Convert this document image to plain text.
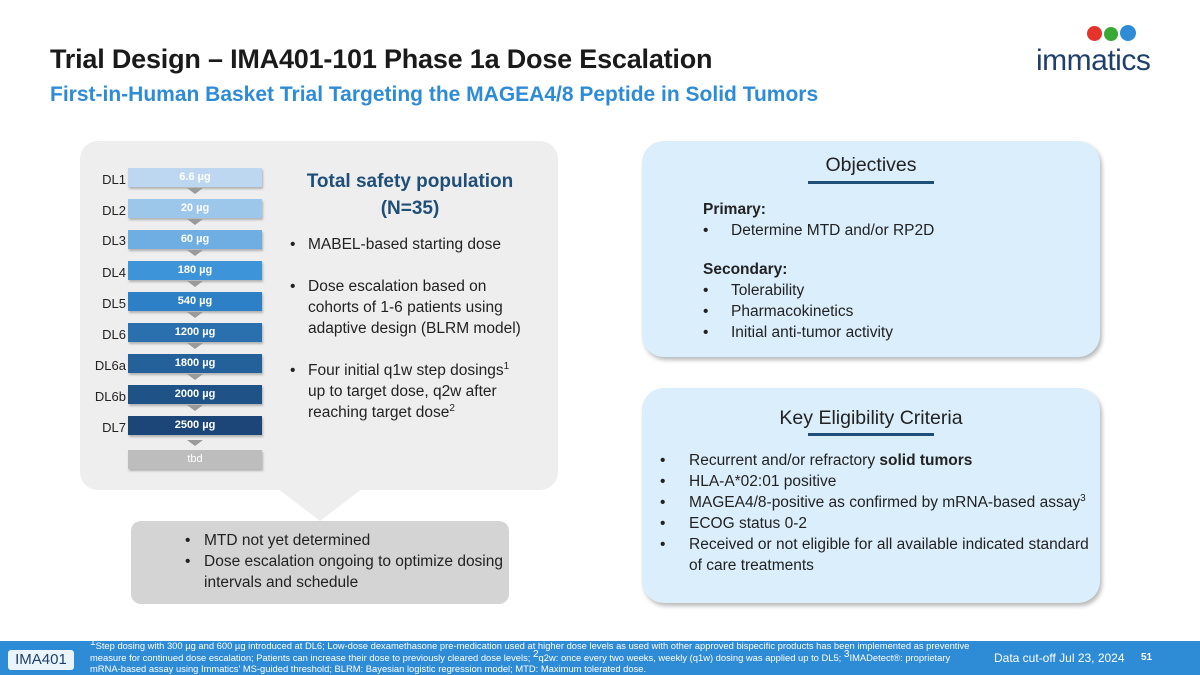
Trial Design – IMA401-101 Phase 1a Dose Escalation
First-in-Human Basket Trial Targeting the MAGEA4/8 Peptide in Solid Tumors
immatics
DL1	6.6 µg
DL2	20 µg
DL3	60 µg
DL4	180 µg
DL5	540 µg
DL6	1200 µg
DL6a	1800 µg
DL6b	2000 µg
DL7	2500 µg
tbd
Total safety population
(N=35)
• MABEL-based starting dose
• Dose escalation based on cohorts of 1-6 patients using adaptive design (BLRM model)
• Four initial q1w step dosings$^1$ up to target dose, q2w after reaching target dose$^2$
• MTD not yet determined
• Dose escalation ongoing to optimize dosing intervals and schedule
Objectives
Primary:
• Determine MTD and/or RP2D
Secondary:
• Tolerability
• Pharmacokinetics
• Initial anti-tumor activity
Key Eligibility Criteria
• Recurrent and/or refractory solid tumors
• HLA-A*02:01 positive
• MAGEA4/8-positive as confirmed by mRNA-based assay$^3$
• ECOG status 0-2
• Received or not eligible for all available indicated standard of care treatments
IMA401
$^1$Step dosing with 300 µg and 600 µg introduced at DL6; Low-dose dexamethasone pre-medication used at higher dose levels as used with other approved bispecific products has been implemented as preventive measure for continued dose escalation; Patients can increase their dose to previously cleared dose levels; $^2$q2w: once every two weeks, weekly (q1w) dosing was applied up to DL5; $^3$IMADetect®: proprietary mRNA-based assay using Immatics’ MS-guided threshold; BLRM: Bayesian logistic regression model; MTD: Maximum tolerated dose.
Data cut-off Jul 23, 2024 51
